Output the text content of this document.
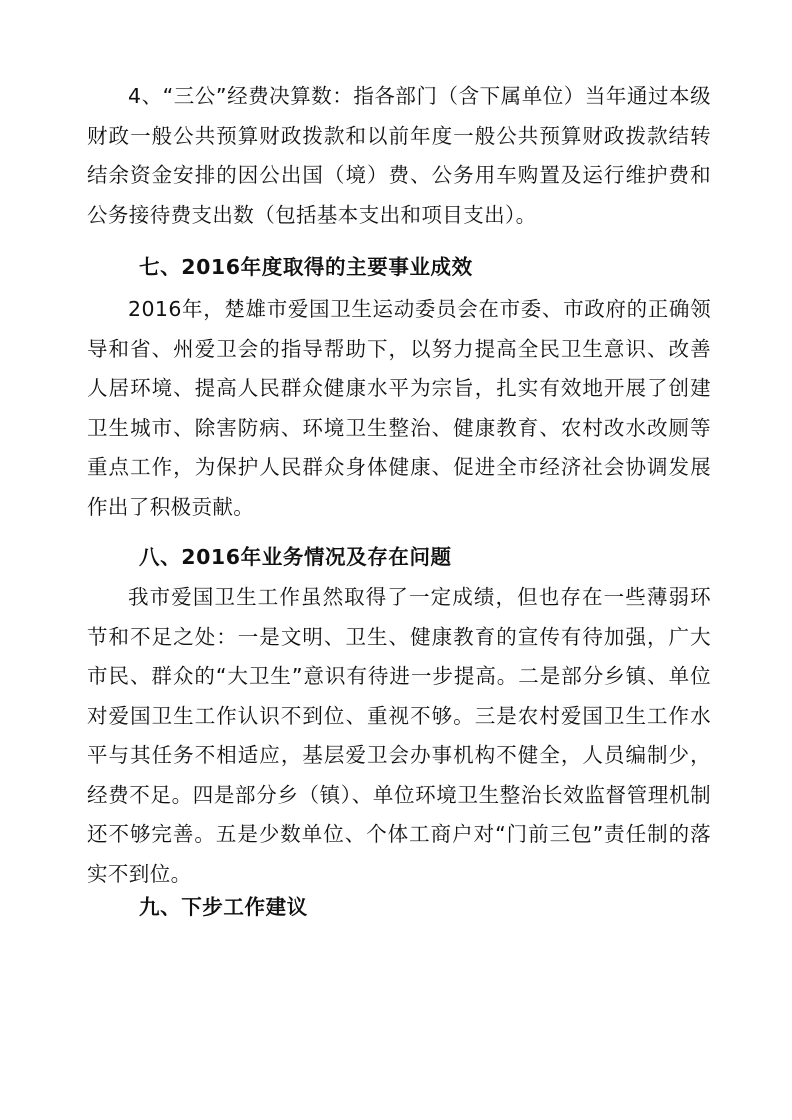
4、“三公”经费决算数：指各部门（含下属单位）当年通过本级财政一般公共预算财政拨款和以前年度一般公共预算财政拨款结转结余资金安排的因公出国（境）费、公务用车购置及运行维护费和公务接待费支出数（包括基本支出和项目支出）。

七、2016年度取得的主要事业成效

2016年，楚雄市爱国卫生运动委员会在市委、市政府的正确领导和省、州爱卫会的指导帮助下，以努力提高全民卫生意识、改善人居环境、提高人民群众健康水平为宗旨，扎实有效地开展了创建卫生城市、除害防病、环境卫生整治、健康教育、农村改水改厕等重点工作，为保护人民群众身体健康、促进全市经济社会协调发展作出了积极贡献。

八、2016年业务情况及存在问题

我市爱国卫生工作虽然取得了一定成绩，但也存在一些薄弱环节和不足之处：一是文明、卫生、健康教育的宣传有待加强，广大市民、群众的“大卫生”意识有待进一步提高。二是部分乡镇、单位对爱国卫生工作认识不到位、重视不够。三是农村爱国卫生工作水平与其任务不相适应，基层爱卫会办事机构不健全，人员编制少，经费不足。四是部分乡（镇）、单位环境卫生整治长效监督管理机制还不够完善。五是少数单位、个体工商户对“门前三包”责任制的落实不到位。

九、下步工作建议
